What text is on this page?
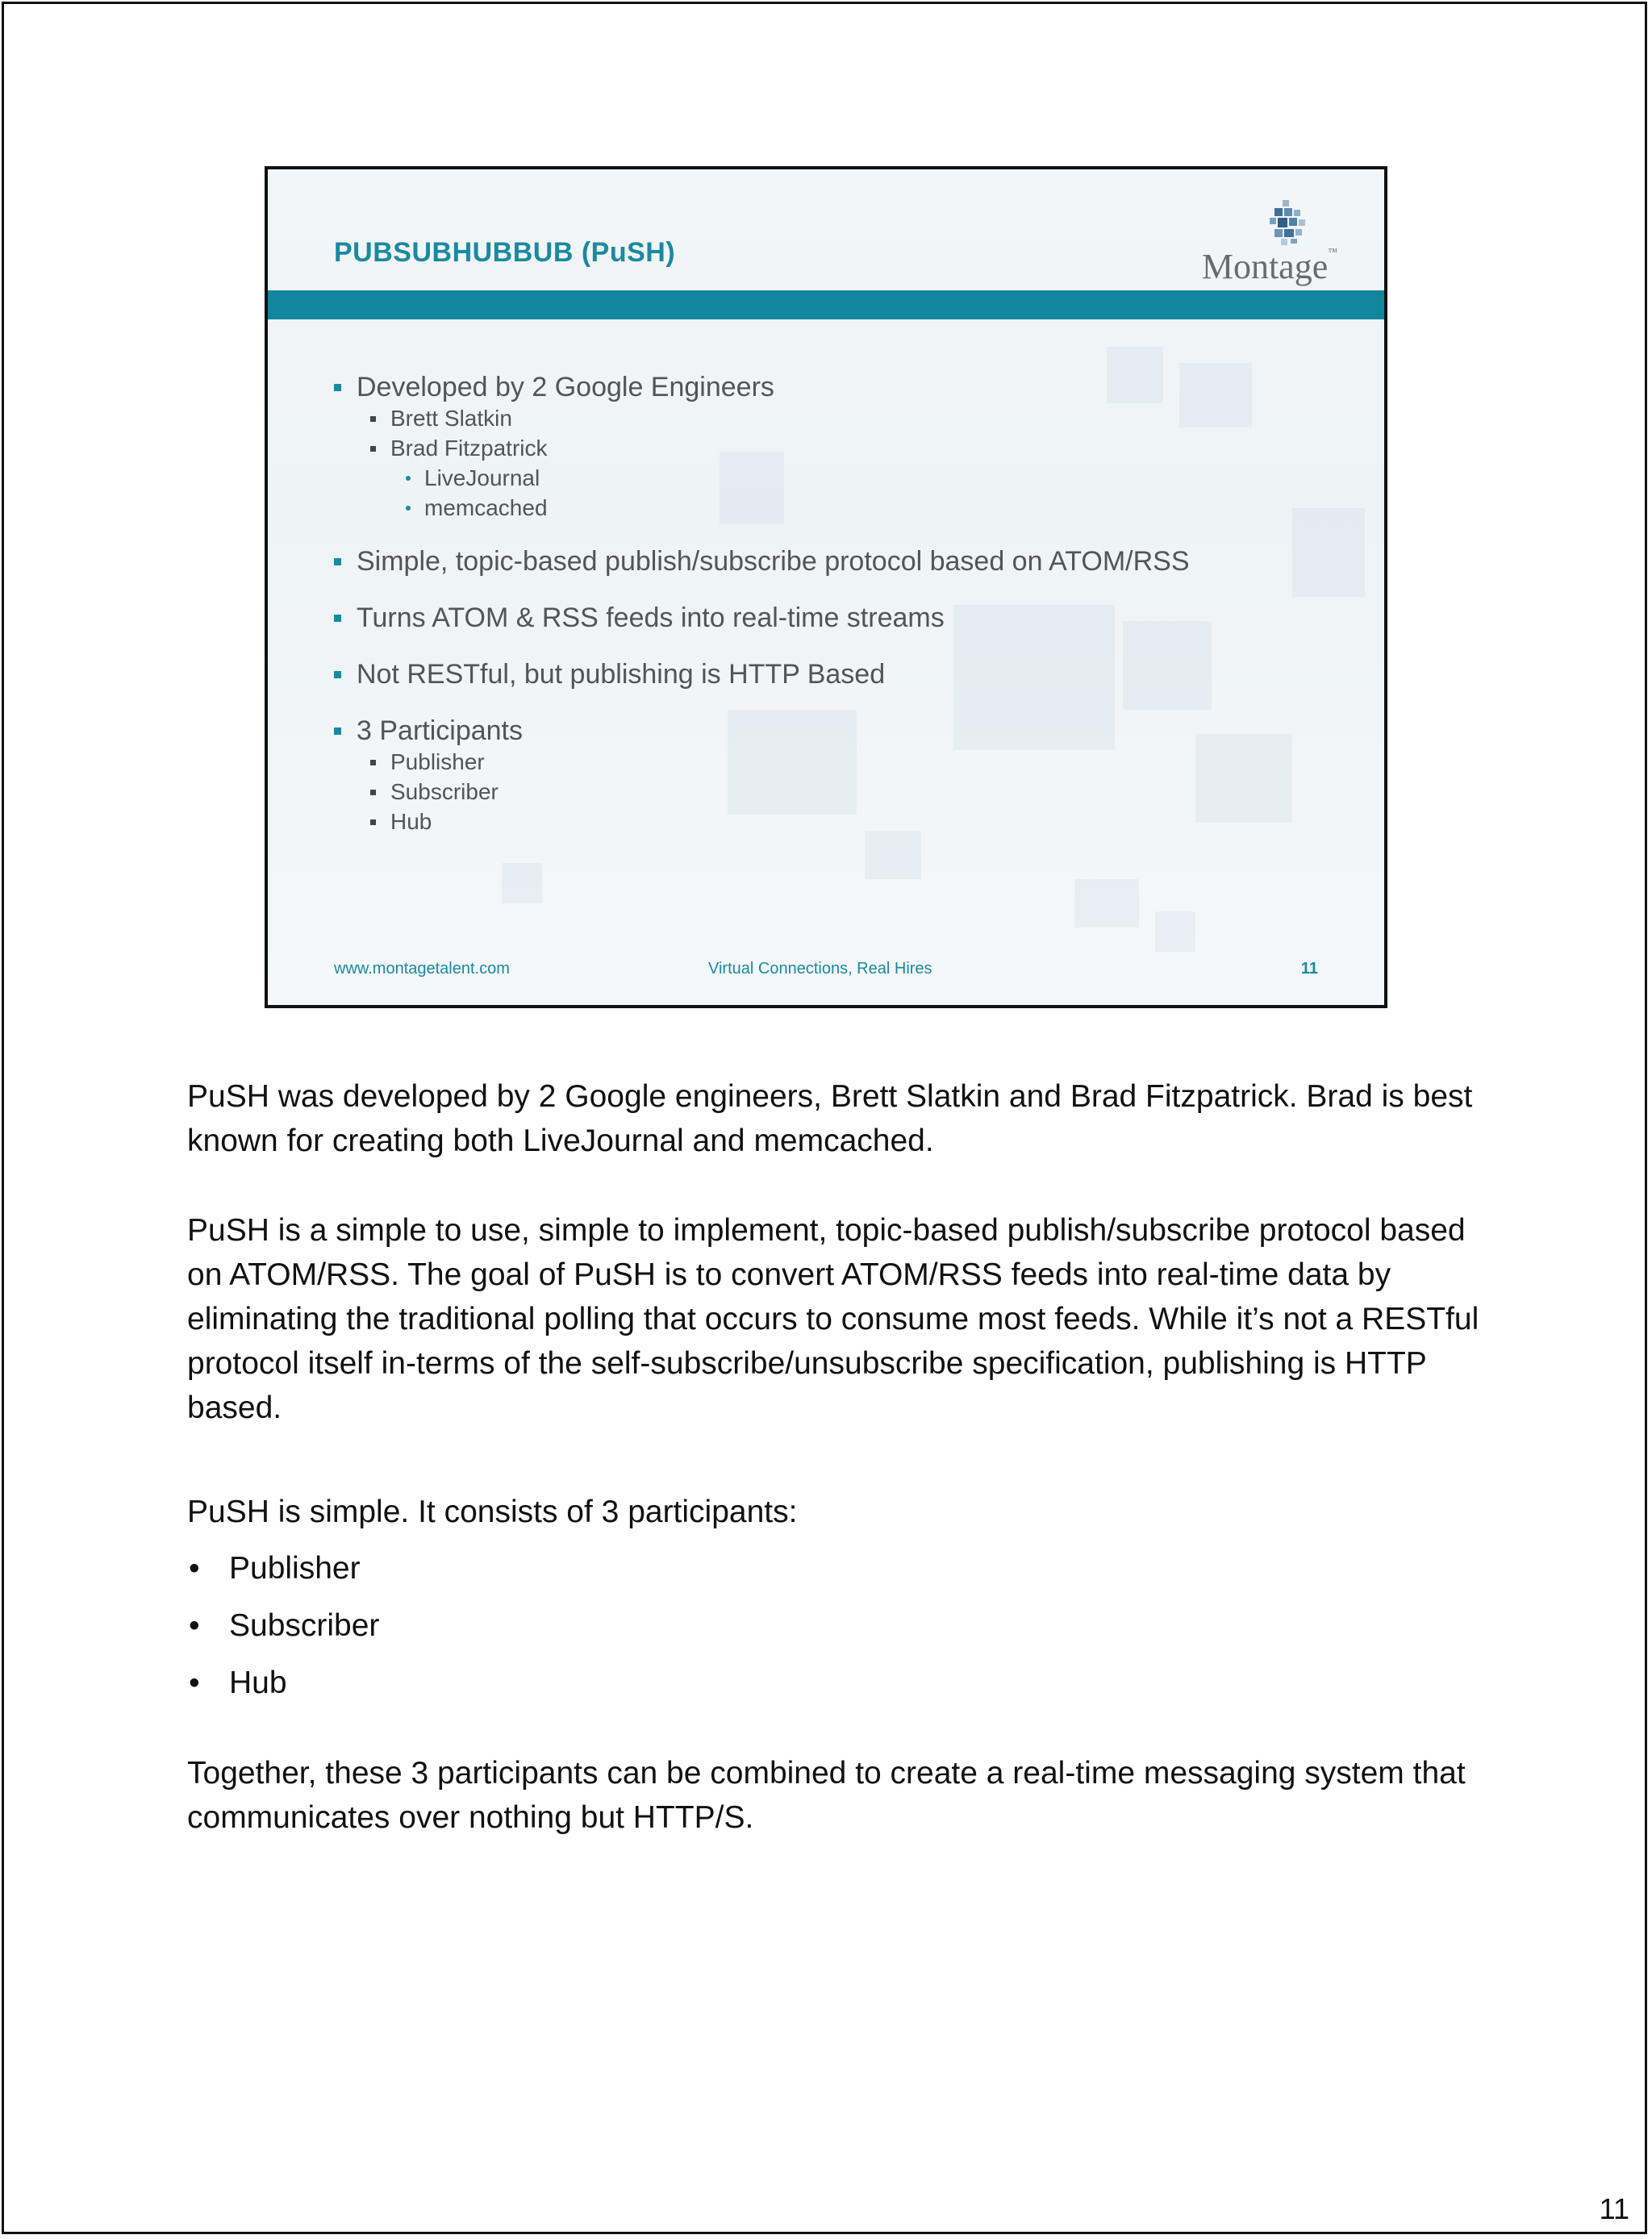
PUBSUBHUBBUB (PuSH)	Montage™
Developed by 2 Google Engineers
Brett Slatkin
Brad Fitzpatrick
LiveJournal
memcached
Simple, topic-based publish/subscribe protocol based on ATOM/RSS
Turns ATOM & RSS feeds into real-time streams
Not RESTful, but publishing is HTTP Based
3 Participants
Publisher
Subscriber
Hub
www.montagetalent.com	Virtual Connections, Real Hires	11

PuSH was developed by 2 Google engineers, Brett Slatkin and Brad Fitzpatrick. Brad is best known for creating both LiveJournal and memcached.

PuSH is a simple to use, simple to implement, topic-based publish/subscribe protocol based on ATOM/RSS. The goal of PuSH is to convert ATOM/RSS feeds into real-time data by eliminating the traditional polling that occurs to consume most feeds. While it’s not a RESTful protocol itself in-terms of the self-subscribe/unsubscribe specification, publishing is HTTP based.

PuSH is simple. It consists of 3 participants:

• Publisher
• Subscriber
• Hub

Together, these 3 participants can be combined to create a real-time messaging system that communicates over nothing but HTTP/S.

11
